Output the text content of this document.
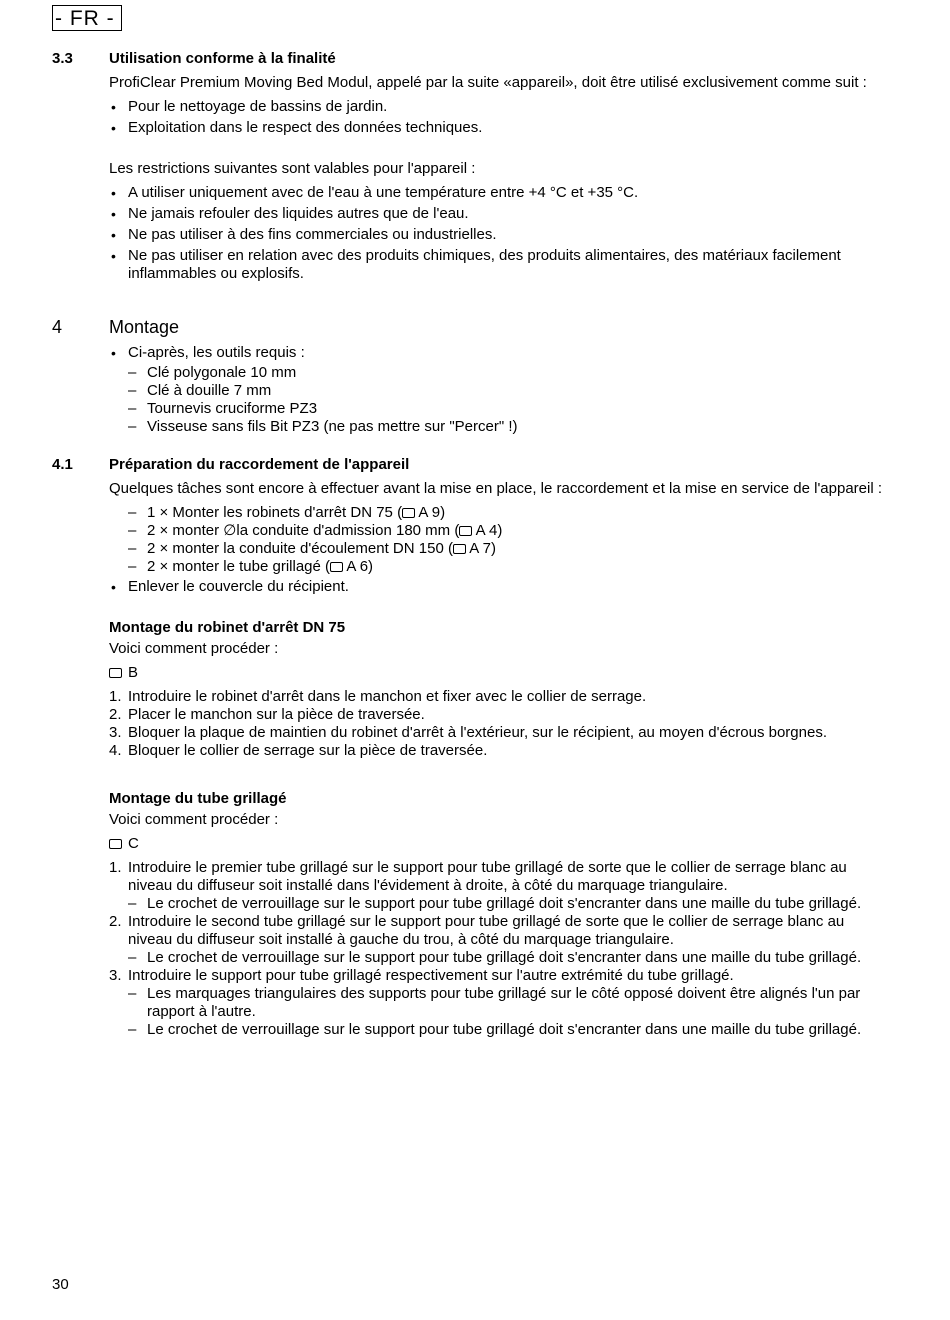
- FR -
3.3 Utilisation conforme à la finalité

ProfiClear Premium Moving Bed Modul, appelé par la suite «appareil», doit être utilisé exclusivement comme suit :

• Pour le nettoyage de bassins de jardin.
• Exploitation dans le respect des données techniques.

Les restrictions suivantes sont valables pour l'appareil :

• A utiliser uniquement avec de l'eau à une température entre +4 °C et +35 °C.
• Ne jamais refouler des liquides autres que de l'eau.
• Ne pas utiliser à des fins commerciales ou industrielles.
• Ne pas utiliser en relation avec des produits chimiques, des produits alimentaires, des matériaux facilement inflammables ou explosifs.
4	Montage
• Ci-après, les outils requis :
– Clé polygonale 10 mm
– Clé à douille 7 mm
– Tournevis cruciforme PZ3
– Visseuse sans fils Bit PZ3 (ne pas mettre sur "Percer" !)
4.1 Préparation du raccordement de l'appareil

Quelques tâches sont encore à effectuer avant la mise en place, le raccordement et la mise en service de l'appareil :

– 1 × Monter les robinets d'arrêt DN 75 ( A 9)
– 2 × monter ∅la conduite d'admission 180 mm ( A 4)
– 2 × monter la conduite d'écoulement DN 150 ( A 7)
– 2 × monter le tube grillagé ( A 6)
• Enlever le couvercle du récipient.
Montage du robinet d'arrêt DN 75

Voici comment procéder :

B
1. Introduire le robinet d'arrêt dans le manchon et fixer avec le collier de serrage.
2. Placer le manchon sur la pièce de traversée.
3. Bloquer la plaque de maintien du robinet d'arrêt à l'extérieur, sur le récipient, au moyen d'écrous borgnes.
4. Bloquer le collier de serrage sur la pièce de traversée.
Montage du tube grillagé

Voici comment procéder :

C
1. Introduire le premier tube grillagé sur le support pour tube grillagé de sorte que le collier de serrage blanc au niveau du diffuseur soit installé dans l'évidement à droite, à côté du marquage triangulaire.
– Le crochet de verrouillage sur le support pour tube grillagé doit s'encranter dans une maille du tube grillagé.
2. Introduire le second tube grillagé sur le support pour tube grillagé de sorte que le collier de serrage blanc au niveau du diffuseur soit installé à gauche du trou, à côté du marquage triangulaire.
– Le crochet de verrouillage sur le support pour tube grillagé doit s'encranter dans une maille du tube grillagé.
3. Introduire le support pour tube grillagé respectivement sur l'autre extrémité du tube grillagé.
– Les marquages triangulaires des supports pour tube grillagé sur le côté opposé doivent être alignés l'un par rapport à l'autre.
– Le crochet de verrouillage sur le support pour tube grillagé doit s'encranter dans une maille du tube grillagé.
30
